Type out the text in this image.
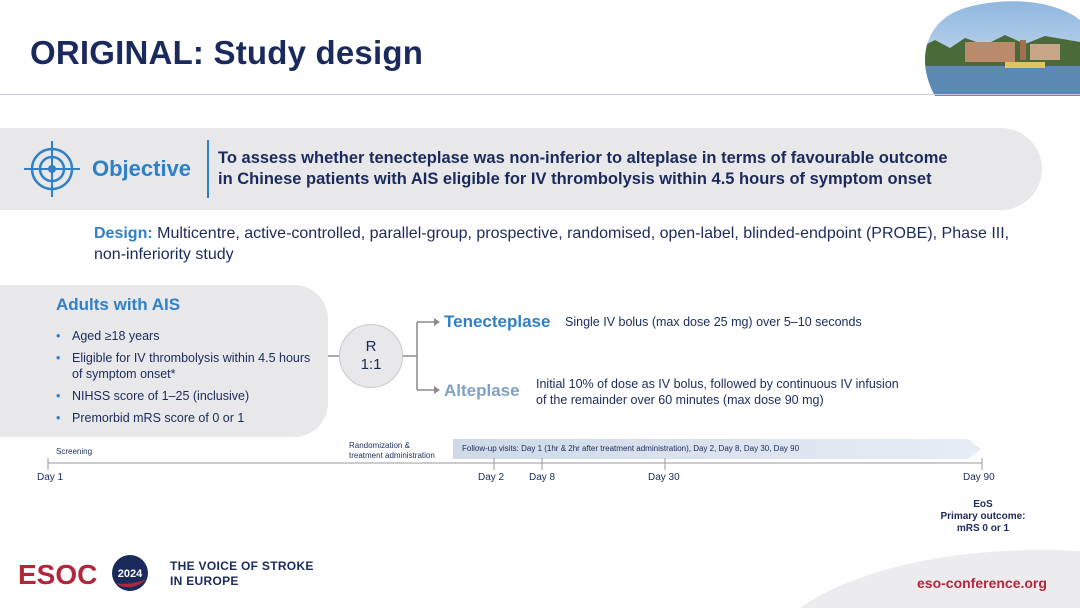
ORIGINAL: Study design
Objective To assess whether tenecteplase was non-inferior to alteplase in terms of favourable outcome
in Chinese patients with AIS eligible for IV thrombolysis within 4.5 hours of symptom onset
Design: Multicentre, active-controlled, parallel-group, prospective, randomised, open-label, blinded-endpoint (PROBE), Phase III, non-inferiority study
Adults with AIS
• Aged ≥18 years
• Eligible for IV thrombolysis within 4.5 hours of symptom onset*
• NIHSS score of 1–25 (inclusive)
• Premorbid mRS score of 0 or 1
R
1:1
Tenecteplase Single IV bolus (max dose 25 mg) over 5–10 seconds
Alteplase Initial 10% of dose as IV bolus, followed by continuous IV infusion of the remainder over 60 minutes (max dose 90 mg)
Screening
Randomization &
treatment administration
Follow-up visits: Day 1 (1hr & 2hr after treatment administration), Day 2, Day 8, Day 30, Day 90
Day 1	Day 2 Day 8	Day 30	Day 90
EoS
Primary outcome:
mRS 0 or 1
ESOC 2024
THE VOICE OF STROKE
IN EUROPE	eso-conference.org
